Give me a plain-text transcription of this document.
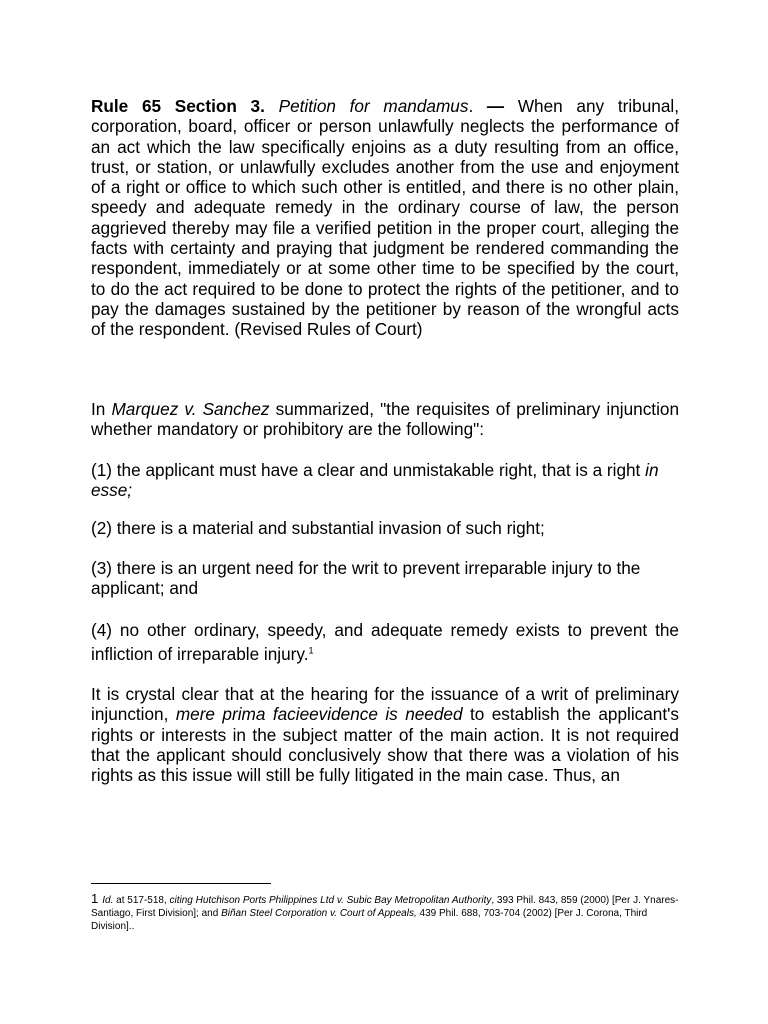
Rule 65 Section 3. Petition for mandamus. — When any tribunal, corporation, board, officer or person unlawfully neglects the performance of an act which the law specifically enjoins as a duty resulting from an office, trust, or station, or unlawfully excludes another from the use and enjoyment of a right or office to which such other is entitled, and there is no other plain, speedy and adequate remedy in the ordinary course of law, the person aggrieved thereby may file a verified petition in the proper court, alleging the facts with certainty and praying that judgment be rendered commanding the respondent, immediately or at some other time to be specified by the court, to do the act required to be done to protect the rights of the petitioner, and to pay the damages sustained by the petitioner by reason of the wrongful acts of the respondent. (Revised Rules of Court)

In Marquez v. Sanchez summarized, "the requisites of preliminary injunction whether mandatory or prohibitory are the following":

(1) the applicant must have a clear and unmistakable right, that is a right in esse;

(2) there is a material and substantial invasion of such right;

(3) there is an urgent need for the writ to prevent irreparable injury to the applicant; and

(4) no other ordinary, speedy, and adequate remedy exists to prevent the infliction of irreparable injury.$^1$

It is crystal clear that at the hearing for the issuance of a writ of preliminary injunction, mere prima facieevidence is needed to establish the applicant's rights or interests in the subject matter of the main action. It is not required that the applicant should conclusively show that there was a violation of his rights as this issue will still be fully litigated in the main case. Thus, an

1 Id. at 517-518, citing Hutchison Ports Philippines Ltd v. Subic Bay Metropolitan Authority, 393 Phil. 843, 859 (2000) [Per J. Ynares-Santiago, First Division]; and Biñan Steel Corporation v. Court of Appeals, 439 Phil. 688, 703-704 (2002) [Per J. Corona, Third Division]..
